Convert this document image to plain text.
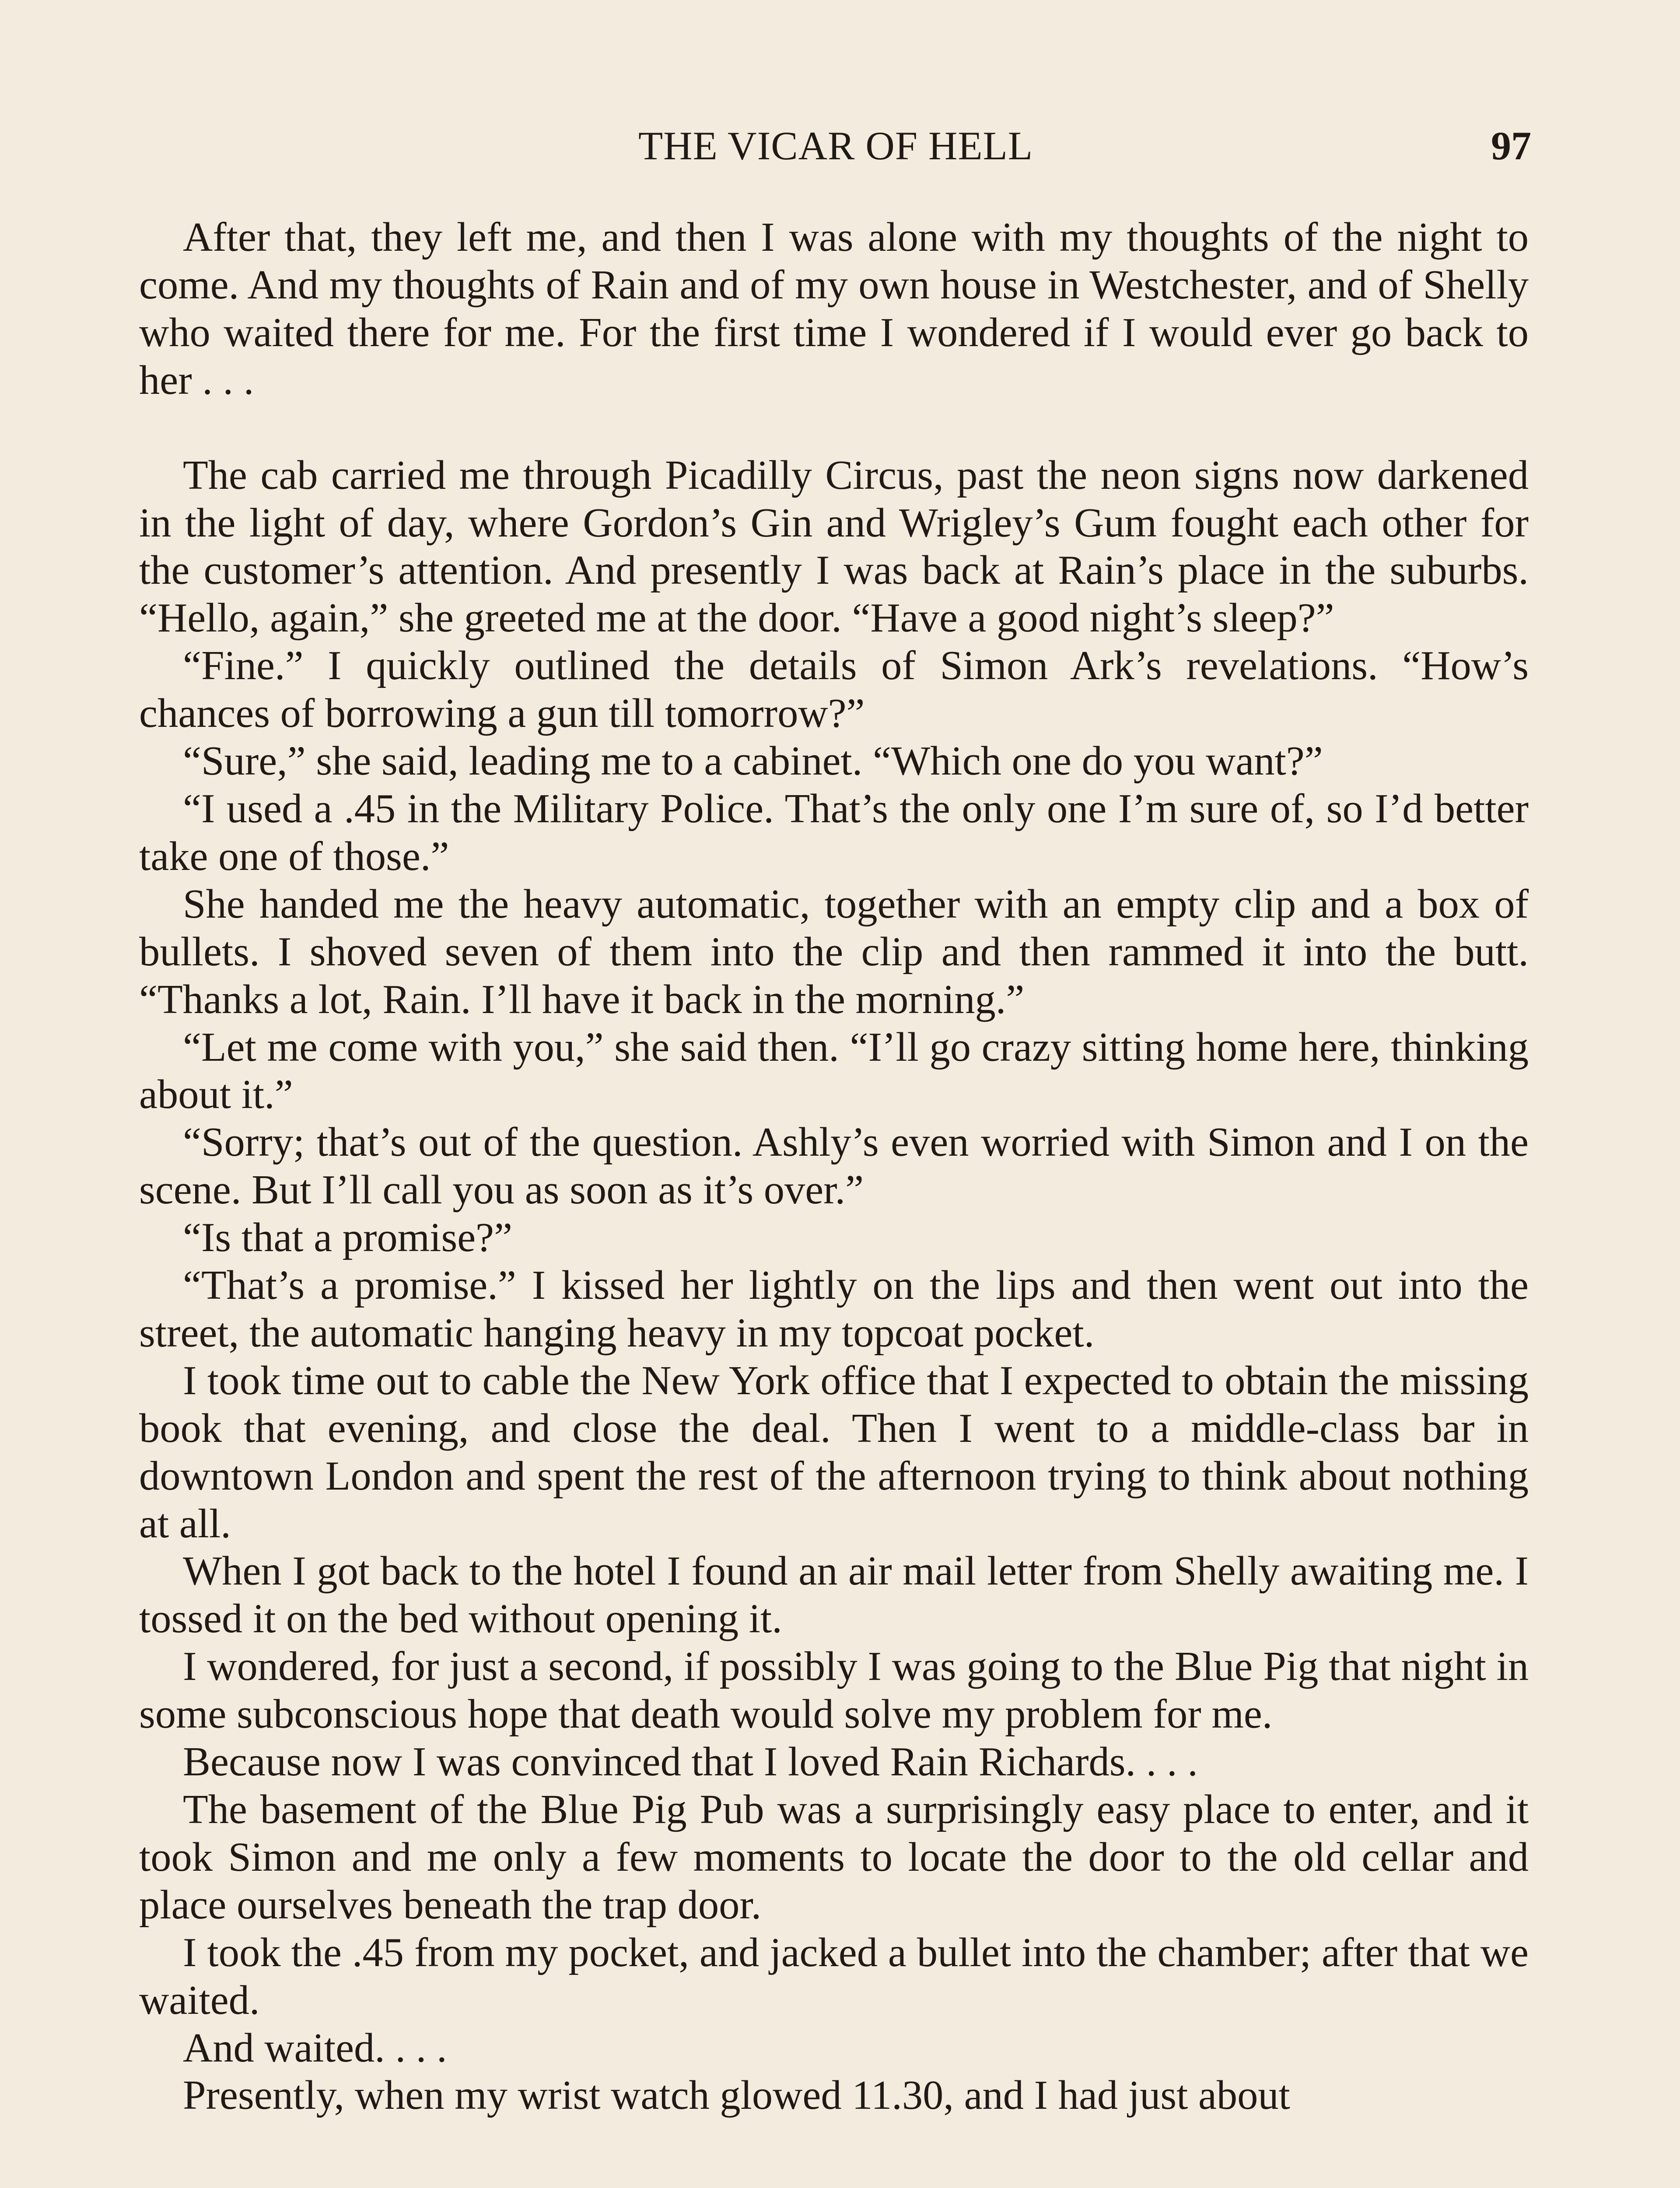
THE VICAR OF HELL	97

After that, they left me, and then I was alone with my thoughts of the night to come. And my thoughts of Rain and of my own house in Westchester, and of Shelly who waited there for me. For the first time I wondered if I would ever go back to her . . .

The cab carried me through Picadilly Circus, past the neon signs now darkened in the light of day, where Gordon’s Gin and Wrigley’s Gum fought each other for the customer’s attention. And presently I was back at Rain’s place in the suburbs. “Hello, again,” she greeted me at the door. “Have a good night’s sleep?”

“Fine.” I quickly outlined the details of Simon Ark’s revelations. “How’s chances of borrowing a gun till tomorrow?”

“Sure,” she said, leading me to a cabinet. “Which one do you want?”

“I used a .45 in the Military Police. That’s the only one I’m sure of, so I’d better take one of those.”

She handed me the heavy automatic, together with an empty clip and a box of bullets. I shoved seven of them into the clip and then rammed it into the butt. “Thanks a lot, Rain. I’ll have it back in the morning.”

“Let me come with you,” she said then. “I’ll go crazy sitting home here, thinking about it.”

“Sorry; that’s out of the question. Ashly’s even worried with Simon and I on the scene. But I’ll call you as soon as it’s over.”

“Is that a promise?”

“That’s a promise.” I kissed her lightly on the lips and then went out into the street, the automatic hanging heavy in my topcoat pocket.

I took time out to cable the New York office that I expected to obtain the missing book that evening, and close the deal. Then I went to a middle-class bar in downtown London and spent the rest of the afternoon trying to think about nothing at all.

When I got back to the hotel I found an air mail letter from Shelly awaiting me. I tossed it on the bed without opening it.

I wondered, for just a second, if possibly I was going to the Blue Pig that night in some subconscious hope that death would solve my problem for me.

Because now I was convinced that I loved Rain Richards. . . .

The basement of the Blue Pig Pub was a surprisingly easy place to enter, and it took Simon and me only a few moments to locate the door to the old cellar and place ourselves beneath the trap door.

I took the .45 from my pocket, and jacked a bullet into the chamber; after that we waited.

And waited. . . .

Presently, when my wrist watch glowed 11.30, and I had just about
